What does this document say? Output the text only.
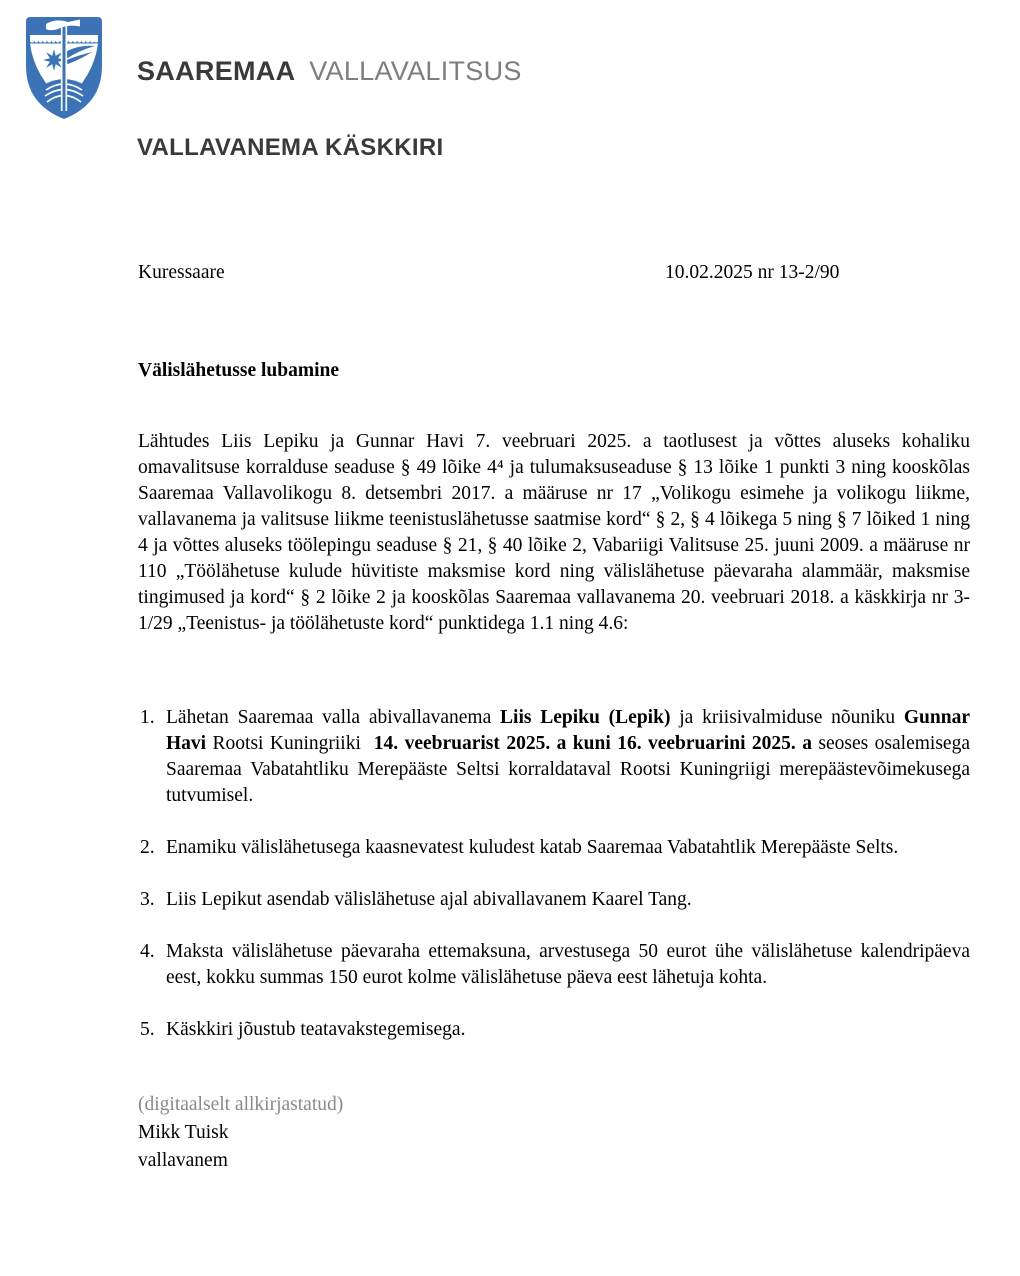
SAAREMAA VALLAVALITSUS
VALLAVANEMA KÄSKKIRI
Kuressaare	10.02.2025 nr 13-2/90
Välislähetusse lubamine
Lähtudes Liis Lepiku ja Gunnar Havi 7. veebruari 2025. a taotlusest ja võttes aluseks kohaliku omavalitsuse korralduse seaduse § 49 lõike 4⁴ ja tulumaksuseaduse § 13 lõike 1 punkti 3 ning kooskõlas Saaremaa Vallavolikogu 8. detsembri 2017. a määruse nr 17 „Volikogu esimehe ja volikogu liikme, vallavanema ja valitsuse liikme teenistuslähetusse saatmise kord“ § 2, § 4 lõikega 5 ning § 7 lõiked 1 ning 4 ja võttes aluseks töölepingu seaduse § 21, § 40 lõike 2, Vabariigi Valitsuse 25. juuni 2009. a määruse nr 110 „Töölähetuse kulude hüvitiste maksmise kord ning välislähetuse päevaraha alammäär, maksmise tingimused ja kord“ § 2 lõike 2 ja kooskõlas Saaremaa vallavanema 20. veebruari 2018. a käskkirja nr 3-1/29 „Teenistus- ja töölähetuste kord“ punktidega 1.1 ning 4.6:
1. Lähetan Saaremaa valla abivallavanema Liis Lepiku (Lepik) ja kriisivalmiduse nõuniku Gunnar Havi Rootsi Kuningriiki  14. veebruarist 2025. a kuni 16. veebruarini 2025. a seoses osalemisega Saaremaa Vabatahtliku Merepääste Seltsi korraldataval Rootsi Kuningriigi merepäästevõimekusega tutvumisel.
2. Enamiku välislähetusega kaasnevatest kuludest katab Saaremaa Vabatahtlik Merepääste Selts.
3. Liis Lepikut asendab välislähetuse ajal abivallavanem Kaarel Tang.
4. Maksta välislähetuse päevaraha ettemaksuna, arvestusega 50 eurot ühe välislähetuse kalendripäeva eest, kokku summas 150 eurot kolme välislähetuse päeva eest lähetuja kohta.
5. Käskkiri jõustub teatavakstegemisega.
(digitaalselt allkirjastatud)
Mikk Tuisk
vallavanem
